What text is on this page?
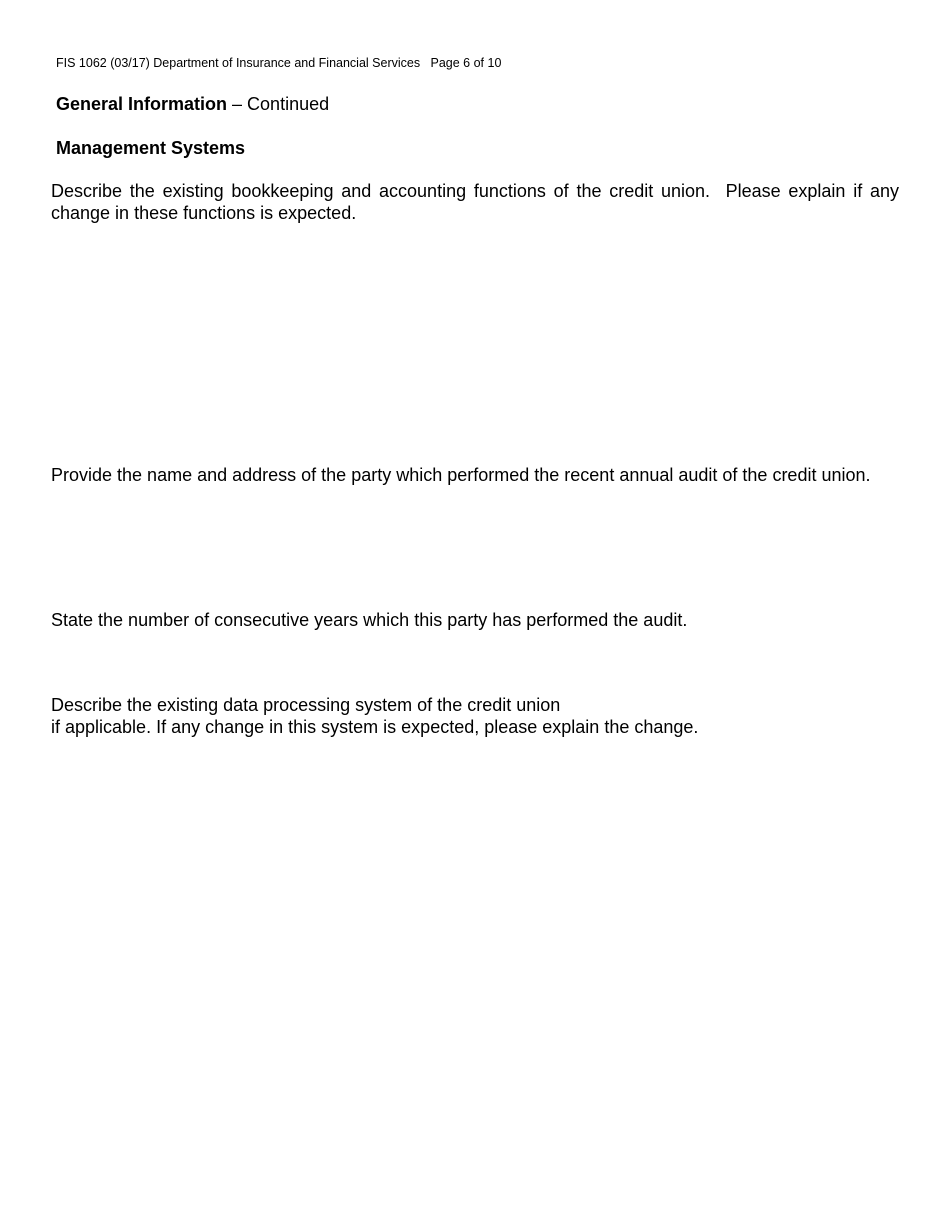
FIS 1062 (03/17) Department of Insurance and Financial Services   Page 6 of 10
General Information – Continued
Management Systems
Describe the existing bookkeeping and accounting functions of the credit union.  Please explain if any change in these functions is expected.
Provide the name and address of the party which performed the recent annual audit of the credit union.
State the number of consecutive years which this party has performed the audit.
Describe the existing data processing system of the credit union
if applicable. If any change in this system is expected, please explain the change.
